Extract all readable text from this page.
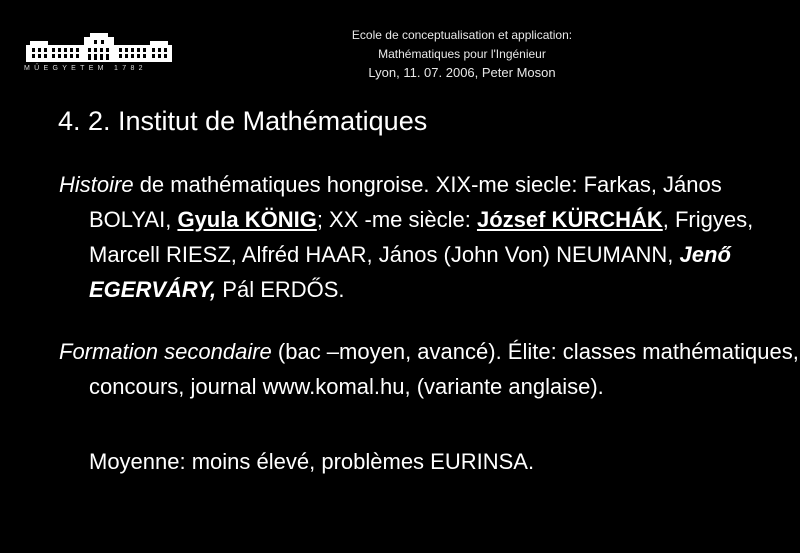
MŰEGYETEM 1782
Ecole de conceptualisation et application:
Mathématiques pour l'Ingénieur
Lyon, 11. 07. 2006, Peter Moson
4. 2. Institut de Mathématiques
Histoire de mathématiques hongroise. XIX-me siecle: Farkas, János BOLYAI, Gyula KÖNIG; XX -me siècle: József KÜRCHÁK, Frigyes, Marcell RIESZ, Alfréd HAAR, János (John Von) NEUMANN, Jenő EGERVÁRY, Pál ERDŐS.
Formation secondaire (bac –moyen, avancé). Élite: classes mathématiques, concours, journal www.komal.hu, (variante anglaise).
Moyenne: moins élevé, problèmes EURINSA.
